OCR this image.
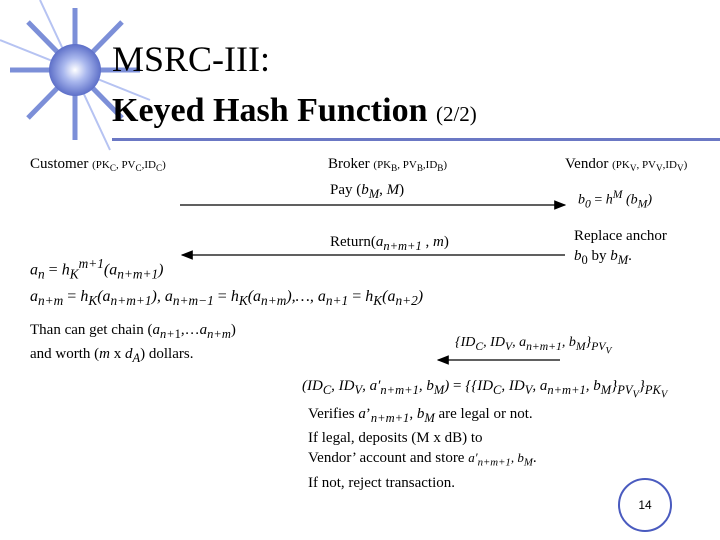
MSRC-III:
Keyed Hash Function (2/2)
Customer ($PK_C$, $PV_C,ID_C$)	Broker ($PK_B$, $PV_B,ID_B$)	Vendor ($PK_V$, $PV_V,ID_V$)
Pay ($b_M$, M)
$Return(a_{n+m+1}$ , m)
$b_0 = h^M$ $(b_M)$
Replace anchor
$b_0$ by $b_M$.
$a_n = h_K^{m+1}(a_{n+m+1})$
$a_{n+m} = h_K(a_{n+m+1})$, $a_{n+m-1}$ = $h_K(a_{n+m}),\dots$, $a_{n+1} = h_K(a_{n+2})$
Than can get chain $(a_{n+1},\dots a_{n+m})$
and worth (m x $d_A$) dollars.
{$ID_C$, $ID_V$, $a_{n+m+1}$, $b_M\}_{PV_V}$
($ID_C$, $ID_V$, $a'_{n+m+1}$, $b_M) = \{\{ID_C$, $ID_V$, $a_{n+m+1}$, $b_M\}_{PV_V}\}_{PK_V}$
Verifies $a’_{n+m+1}$, $b_M$ are legal or not.
If legal, deposits (M x dB) to
Vendor’ account and store $a'_{n+m+1}$, $b_M$.
If not, reject transaction.
14
